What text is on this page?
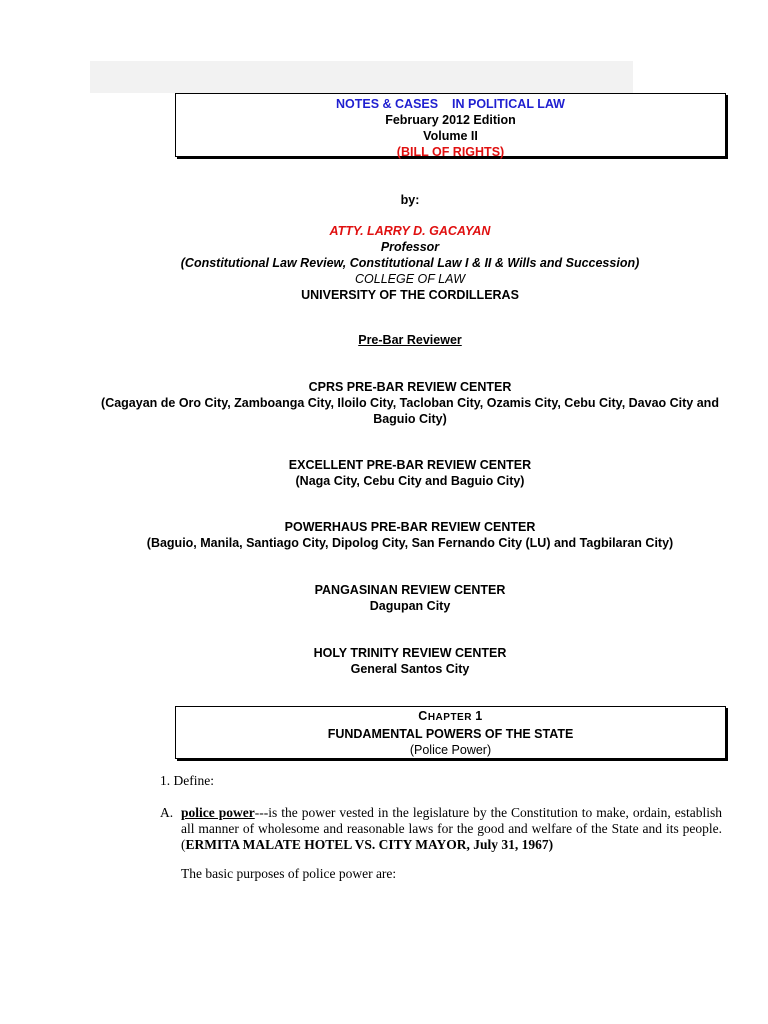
NOTES & CASES IN POLITICAL LAW
February 2012 Edition
Volume II
(BILL OF RIGHTS)
by:
ATTY. LARRY D. GACAYAN
Professor
(Constitutional Law Review, Constitutional Law I & II & Wills and Succession)
COLLEGE OF LAW
UNIVERSITY OF THE CORDILLERAS
Pre-Bar Reviewer
CPRS PRE-BAR REVIEW CENTER
(Cagayan de Oro City, Zamboanga City, Iloilo City, Tacloban City, Ozamis City, Cebu City, Davao City and Baguio City)
EXCELLENT PRE-BAR REVIEW CENTER
(Naga City, Cebu City and Baguio City)
POWERHAUS PRE-BAR REVIEW CENTER
(Baguio, Manila, Santiago City, Dipolog City, San Fernando City (LU) and Tagbilaran City)
PANGASINAN REVIEW CENTER
Dagupan City
HOLY TRINITY REVIEW CENTER
General Santos City
CHAPTER 1
FUNDAMENTAL POWERS OF THE STATE
(Police Power)
1. Define:
A. police power---is the power vested in the legislature by the Constitution to make, ordain, establish all manner of wholesome and reasonable laws for the good and welfare of the State and its people. (ERMITA MALATE HOTEL VS. CITY MAYOR, July 31, 1967)
The basic purposes of police power are:
